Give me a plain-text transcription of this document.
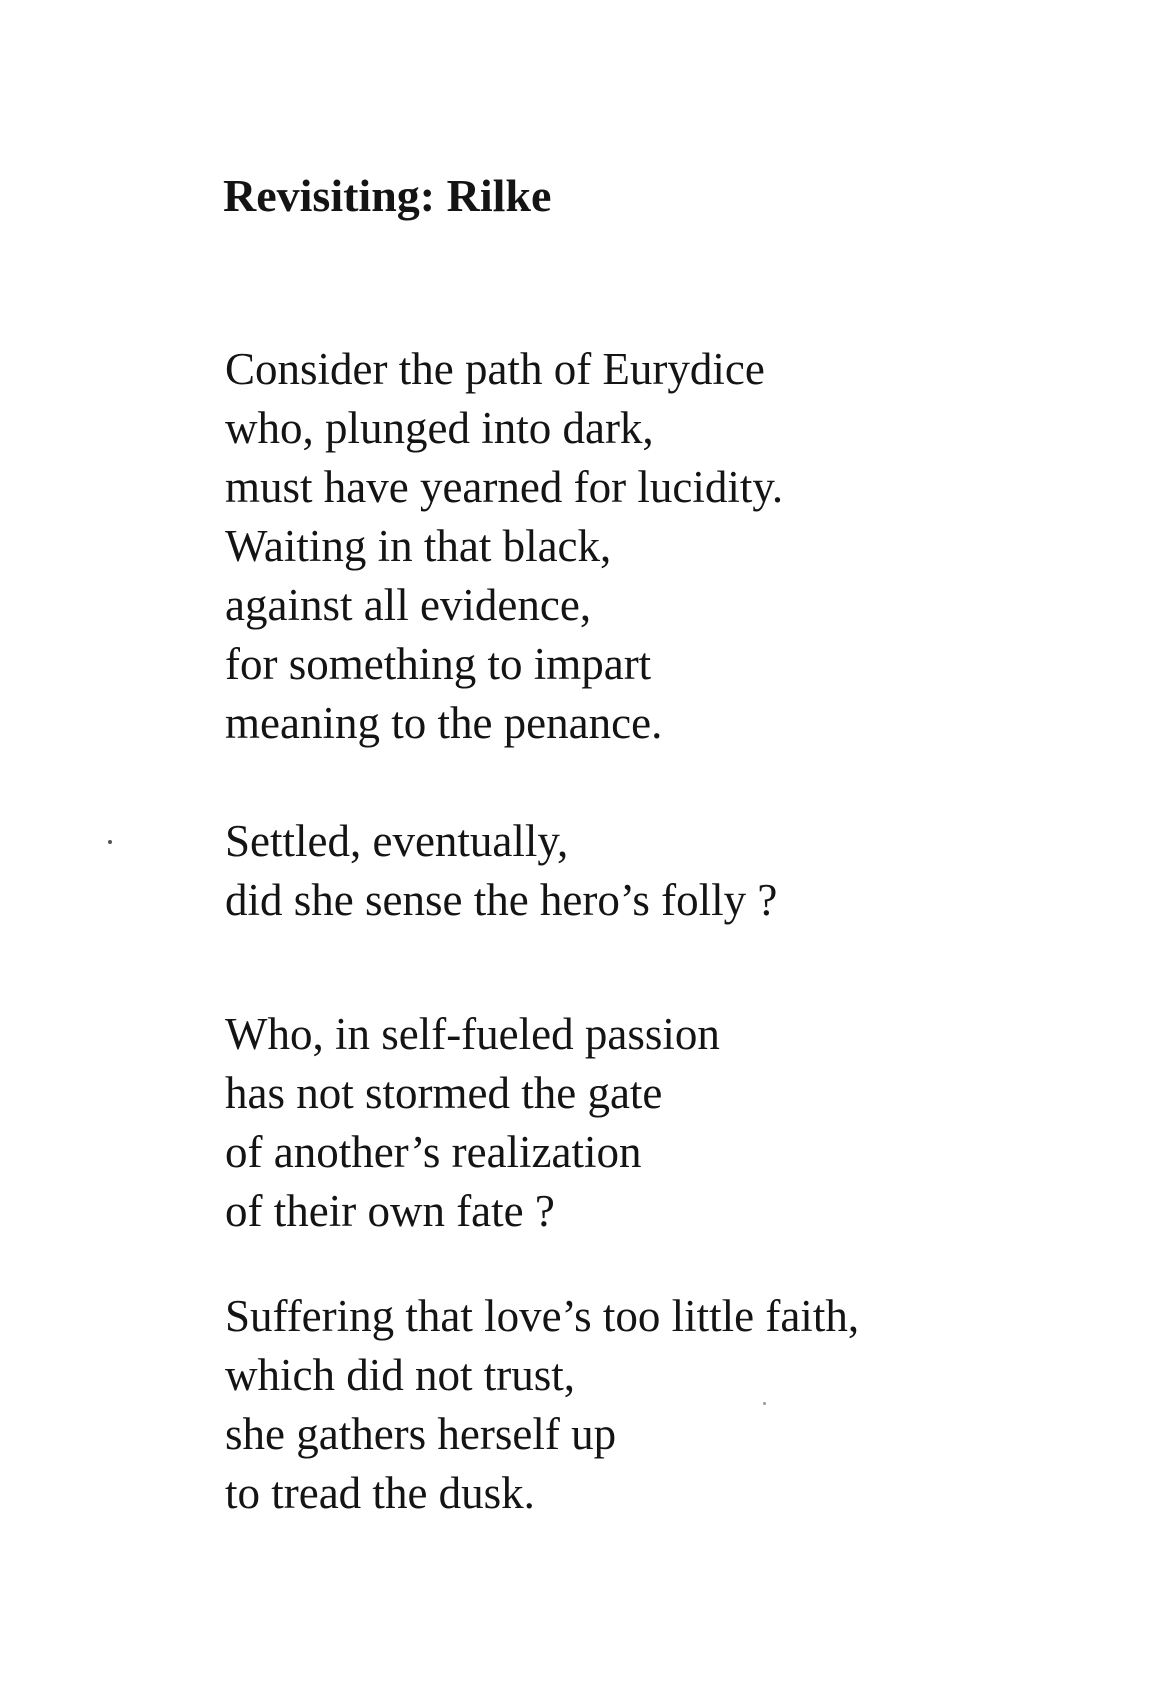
Revisiting: Rilke
Consider the path of Eurydice
who, plunged into dark,
must have yearned for lucidity.
Waiting in that black,
against all evidence,
for something to impart
meaning to the penance.
Settled, eventually,
did she sense the hero’s folly ?
Who, in self-fueled passion
has not stormed the gate
of another’s realization
of their own fate ?
Suffering that love’s too little faith,
which did not trust,
she gathers herself up
to tread the dusk.
